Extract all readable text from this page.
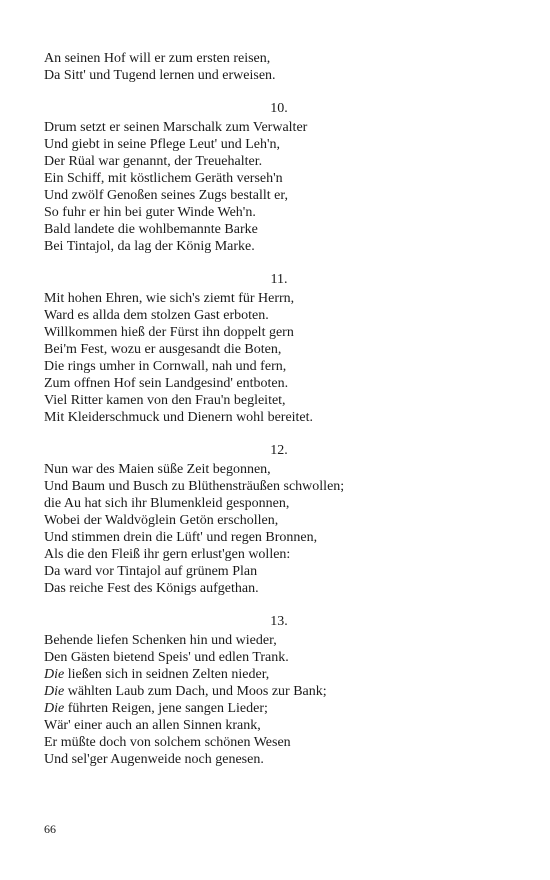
An seinen Hof will er zum ersten reisen,
Da Sitt' und Tugend lernen und erweisen.
10.
Drum setzt er seinen Marschalk zum Verwalter
Und giebt in seine Pflege Leut' und Leh'n,
Der Rüal war genannt, der Treuehalter.
Ein Schiff, mit köstlichem Geräth verseh'n
Und zwölf Genoßen seines Zugs bestallt er,
So fuhr er hin bei guter Winde Weh'n.
Bald landete die wohlbemannte Barke
Bei Tintajol, da lag der König Marke.
11.
Mit hohen Ehren, wie sich's ziemt für Herrn,
Ward es allda dem stolzen Gast erboten.
Willkommen hieß der Fürst ihn doppelt gern
Bei'm Fest, wozu er ausgesandt die Boten,
Die rings umher in Cornwall, nah und fern,
Zum offnen Hof sein Landgesind' entboten.
Viel Ritter kamen von den Frau'n begleitet,
Mit Kleiderschmuck und Dienern wohl bereitet.
12.
Nun war des Maien süße Zeit begonnen,
Und Baum und Busch zu Blüthensträußen schwollen;
die Au hat sich ihr Blumenkleid gesponnen,
Wobei der Waldvöglein Getön erschollen,
Und stimmen drein die Lüft' und regen Bronnen,
Als die den Fleiß ihr gern erlust'gen wollen:
Da ward vor Tintajol auf grünem Plan
Das reiche Fest des Königs aufgethan.
13.
Behende liefen Schenken hin und wieder,
Den Gästen bietend Speis' und edlen Trank.
Die ließen sich in seidnen Zelten nieder,
Die wählten Laub zum Dach, und Moos zur Bank;
Die führten Reigen, jene sangen Lieder;
Wär' einer auch an allen Sinnen krank,
Er müßte doch von solchem schönen Wesen
Und sel'ger Augenweide noch genesen.
66
